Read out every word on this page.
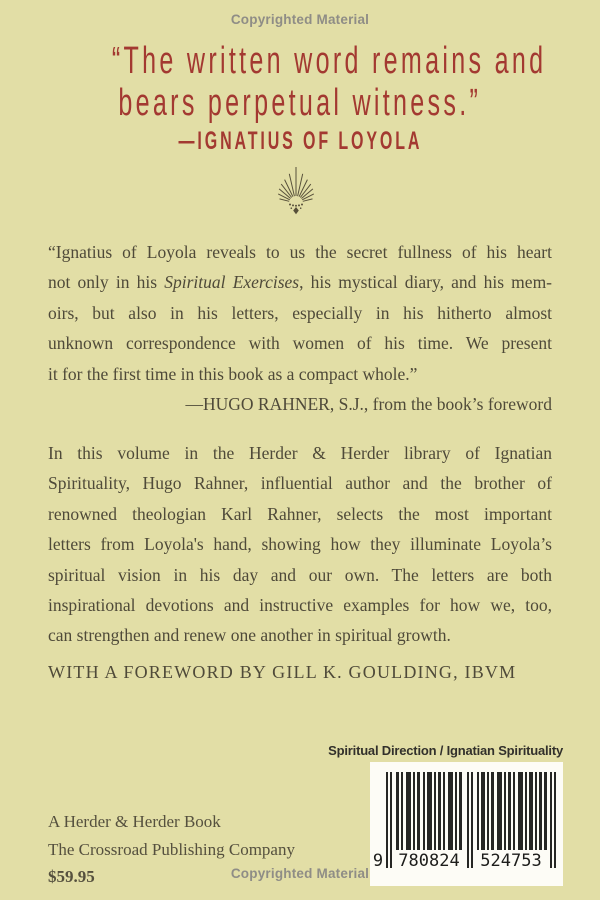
Copyrighted Material
“The written word remains and
bears perpetual witness.”
—IGNATIUS OF LOYOLA
“Ignatius of Loyola reveals to us the secret fullness of his heart
not only in his Spiritual Exercises, his mystical diary, and his mem-
oirs, but also in his letters, especially in his hitherto almost
unknown correspondence with women of his time. We present
it for the first time in this book as a compact whole.”
—HUGO RAHNER, S.J., from the book’s foreword
In this volume in the Herder & Herder library of Ignatian
Spirituality, Hugo Rahner, influential author and the brother of
renowned theologian Karl Rahner, selects the most important
letters from Loyola's hand, showing how they illuminate Loyola’s
spiritual vision in his day and our own. The letters are both
inspirational devotions and instructive examples for how we, too,
can strengthen and renew one another in spiritual growth.
WITH A FOREWORD BY GILL K. GOULDING, IBVM
Spiritual Direction / Ignatian Spirituality
9 780824 524753
A Herder & Herder Book
The Crossroad Publishing Company
$59.95	Copyrighted Material
